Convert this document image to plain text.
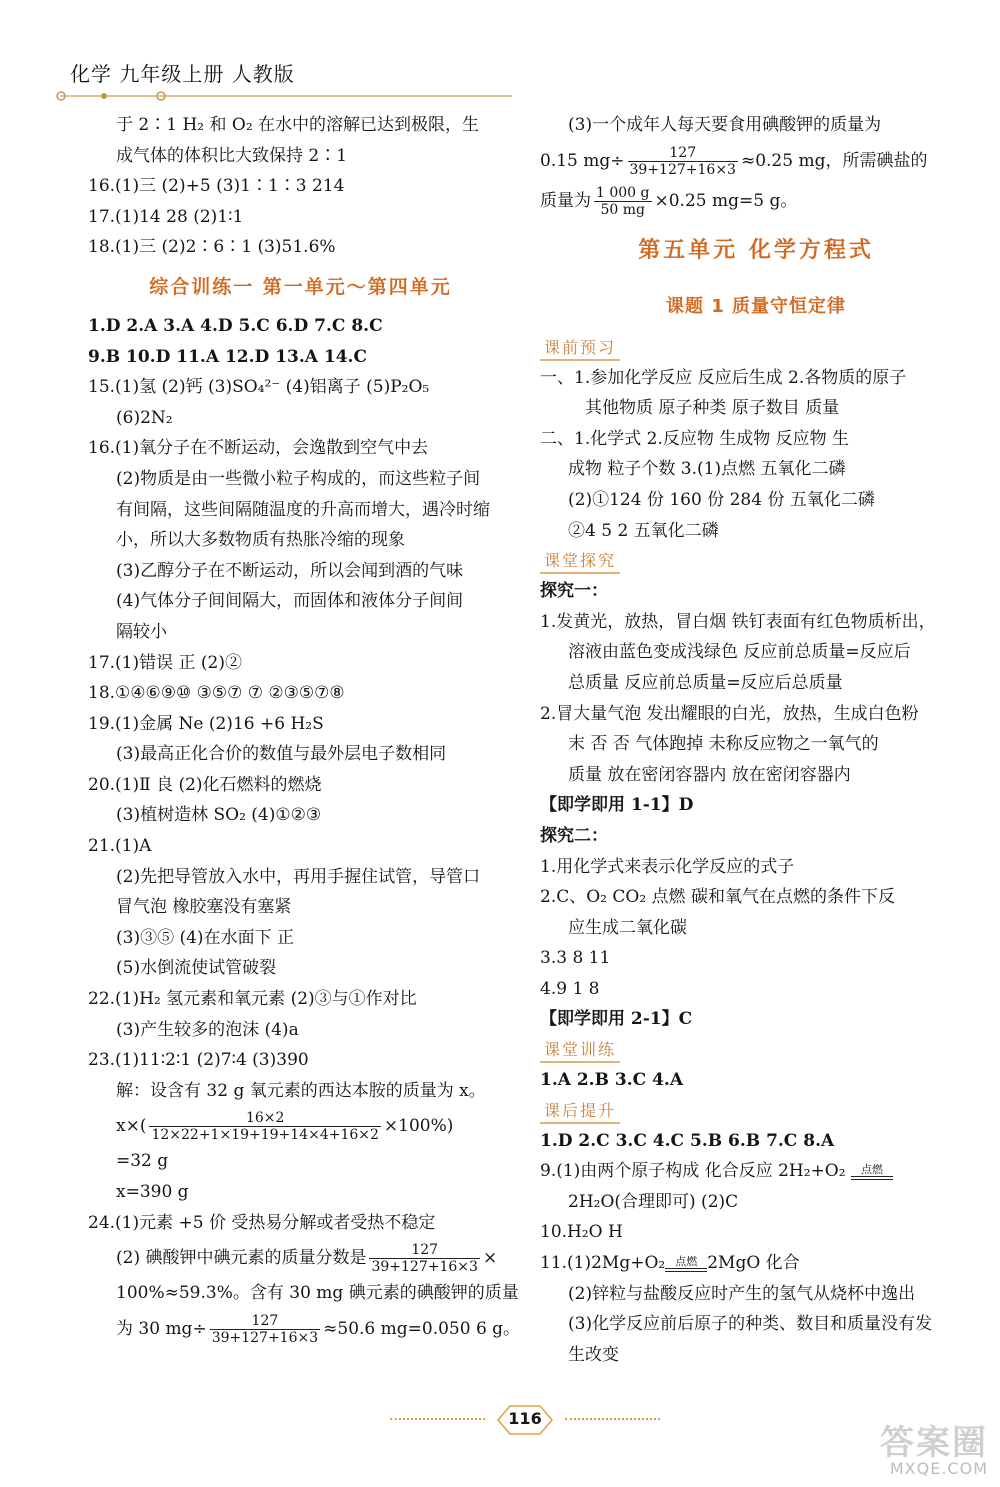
化学 九年级上册 人教版
于 2∶1 H₂ 和 O₂ 在水中的溶解已达到极限，生
成气体的体积比大致保持 2∶1
16.(1)三 (2)+5 (3)1∶1∶3 214
17.(1)14 28 (2)1∶1
18.(1)三 (2)2∶6∶1 (3)51.6%
综合训练一 第一单元～第四单元
1.D 2.A 3.A 4.D 5.C 6.D 7.C 8.C
9.B 10.D 11.A 12.D 13.A 14.C
15.(1)氢 (2)钙 (3)SO₄²⁻ (4)铝离子 (5)P₂O₅
(6)2N₂
16.(1)氧分子在不断运动，会逸散到空气中去
(2)物质是由一些微小粒子构成的，而这些粒子间
有间隔，这些间隔随温度的升高而增大，遇冷时缩
小，所以大多数物质有热胀冷缩的现象
(3)乙醇分子在不断运动，所以会闻到酒的气味
(4)气体分子间间隔大，而固体和液体分子间间
隔较小
17.(1)错误 正 (2)②
18.①④⑥⑨⑩ ③⑤⑦ ⑦ ②③⑤⑦⑧
19.(1)金属 Ne (2)16 +6 H₂S
(3)最高正化合价的数值与最外层电子数相同
20.(1)Ⅱ 良 (2)化石燃料的燃烧
(3)植树造林 SO₂ (4)①②③
21.(1)A
(2)先把导管放入水中，再用手握住试管，导管口
冒气泡 橡胶塞没有塞紧
(3)③⑤ (4)在水面下 正
(5)水倒流使试管破裂
22.(1)H₂ 氢元素和氧元素 (2)③与①作对比
(3)产生较多的泡沫 (4)a
23.(1)11∶2∶1 (2)7∶4 (3)390
解：设含有 32 g 氧元素的西达本胺的质量为 x。
$x\times( \frac{16\times 2}{12\times 22+1\times 19+19+14\times 4+16\times 2} \times 100\%)$
=32 g
x=390 g
24.(1)元素 +5 价 受热易分解或者受热不稳定
(2) 碘酸钾中碘元素的质量分数是 $\frac{127}{39+127+16\times 3}$ ×
100%≈59.3%。含有 30 mg 碘元素的碘酸钾的质量
为 30 $mg\div \frac{127}{39+127+16\times 3} \approx 50.6$ mg=0.050 6 g。
(3)一个成年人每天要食用碘酸钾的质量为
0.15 $mg\div \frac{127}{39+127+16\times 3} \approx 0.25$ mg，所需碘盐的
质量为 $\frac{1 000 g}{50 mg} \times 0.25$ mg=5 g。
第五单元 化学方程式
课题 1 质量守恒定律
课前预习
一、1.参加化学反应 反应后生成 2.各物质的原子
其他物质 原子种类 原子数目 质量
二、1.化学式 2.反应物 生成物 反应物 生
成物 粒子个数 3.(1)点燃 五氧化二磷
(2)①124 份 160 份 284 份 五氧化二磷
②4 5 2 五氧化二磷
课堂探究
探究一：
1.发黄光，放热，冒白烟 铁钉表面有红色物质析出，
溶液由蓝色变成浅绿色 反应前总质量=反应后
总质量 反应前总质量=反应后总质量
2.冒大量气泡 发出耀眼的白光，放热，生成白色粉
末 否 否 气体跑掉 未称反应物之一氧气的
质量 放在密闭容器内 放在密闭容器内
【即学即用 1-1】D
探究二：
1.用化学式来表示化学反应的式子
2.C、O₂ CO₂ 点燃 碳和氧气在点燃的条件下反
应生成二氧化碳
3.3 8 11
4.9 1 8
【即学即用 2-1】C
课堂训练
1.A 2.B 3.C 4.A
课后提升
1.D 2.C 3.C 4.C 5.B 6.B 7.C 8.A
9.(1)由两个原子构成 化合反应 2H₂+O₂	点燃
2H₂O(合理即可) (2)C
10.H₂O H
11.(1)2Mg+O₂ 点燃 2MgO 化合
(2)锌粒与盐酸反应时产生的氢气从烧杯中逸出
(3)化学反应前后原子的种类、数目和质量没有发
生改变
116
答案圈
MXQE.COM
